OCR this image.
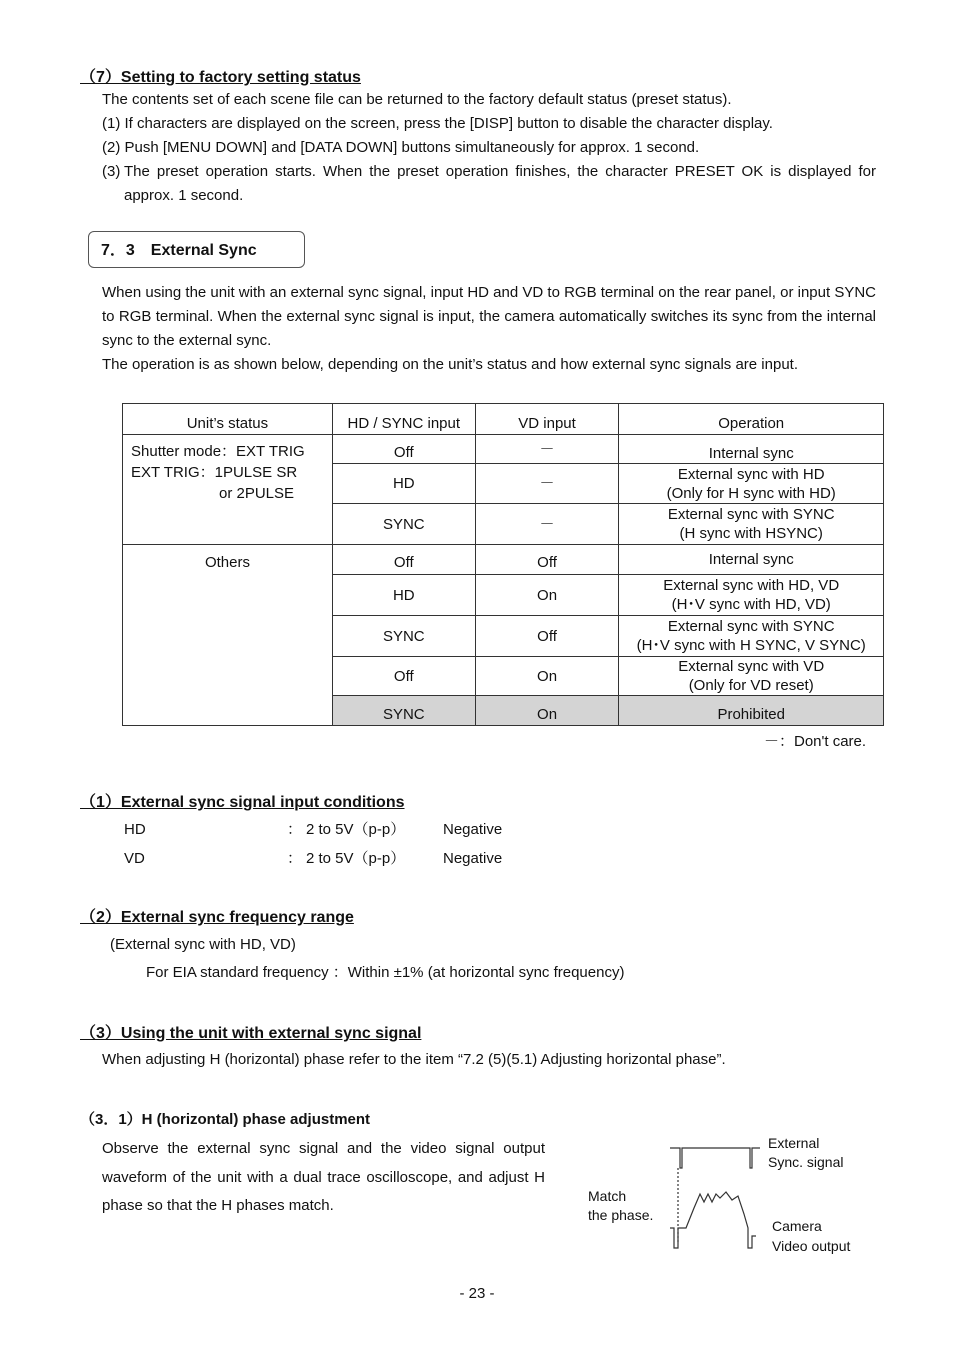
（7）Setting to factory setting status
The contents set of each scene file can be returned to the factory default status (preset status).
(1) If characters are displayed on the screen, press the [DISP] button to disable the character display.
(2) Push [MENU DOWN] and [DATA DOWN] buttons simultaneously for approx. 1 second.
(3) The preset operation starts. When the preset operation finishes, the character PRESET OK is displayed for approx. 1 second.
7．3　External Sync
When using the unit with an external sync signal, input HD and VD to RGB terminal on the rear panel, or input SYNC to RGB terminal. When the external sync signal is input, the camera automatically switches its sync from the internal sync to the external sync.
The operation is as shown below, depending on the unit’s status and how external sync signals are input.
Unit’s status	HD / SYNC input	VD input	Operation

Shutter mode：EXT TRIG
EXT TRIG：1PULSE SR
or 2PULSE	Off	－	Internal sync

	HD	－	External sync with HD
(Only for H sync with HD)

	SYNC	－	External sync with SYNC
(H sync with HSYNC)

Others	Off	Off	Internal sync

	HD	On	External sync with HD, VD
(H･V sync with HD, VD)

	SYNC	Off	External sync with SYNC
(H･V sync with H SYNC, V SYNC)

	Off	On	External sync with VD
(Only for VD reset)

	SYNC	On	Prohibited
－：Don't care.
（1）External sync signal input conditions
HD	： 2 to 5V（p-p）	Negative
VD	： 2 to 5V（p-p）	Negative
（2）External sync frequency range
(External sync with HD, VD)
For EIA standard frequency ：Within ±1% (at horizontal sync frequency)
（3）Using the unit with external sync signal
When adjusting H (horizontal) phase refer to the item “7.2 (5)(5.1) Adjusting horizontal phase”.
（3．1）H (horizontal) phase adjustment
Observe the external sync signal and the video signal output waveform of the unit with a dual trace oscilloscope, and adjust H phase so that the H phases match.
External
Sync. signal
Match
the phase.
Camera
Video output
- 23 -
